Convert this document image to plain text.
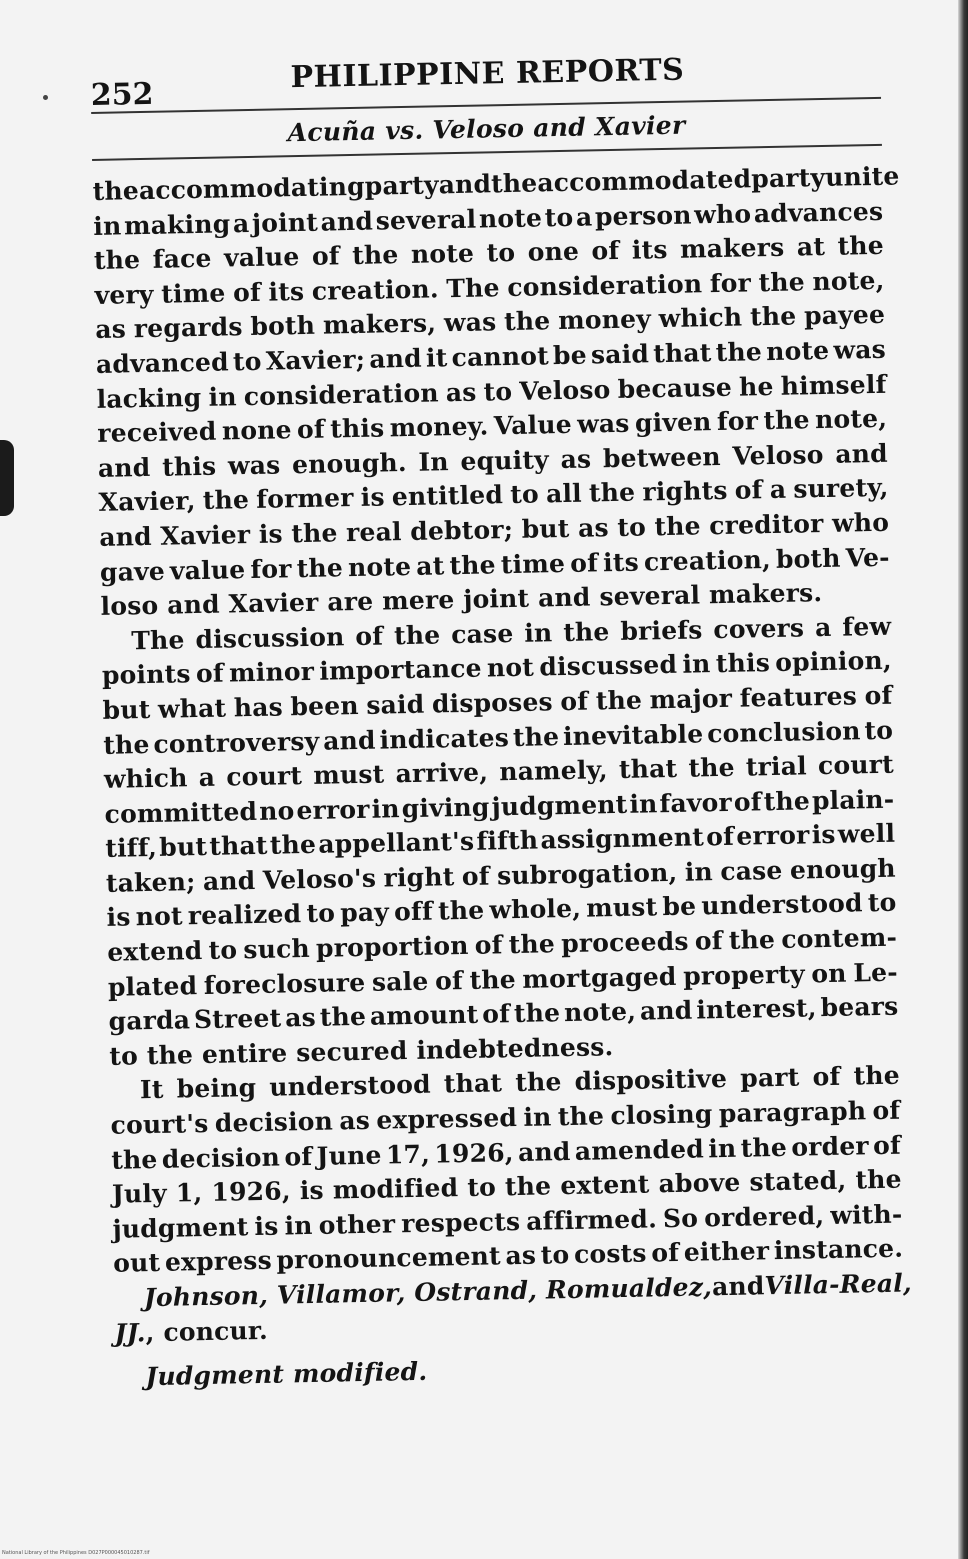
252	PHILIPPINE REPORTS
Acuña vs. Veloso and Xavier
the accommodating party and the accommodated party unite
in making a joint and several note to a person who advances
the face value of the note to one of its makers at the
very time of its creation. The consideration for the note,
as regards both makers, was the money which the payee
advanced to Xavier; and it cannot be said that the note was
lacking in consideration as to Veloso because he himself
received none of this money. Value was given for the note,
and this was enough. In equity as between Veloso and
Xavier, the former is entitled to all the rights of a surety,
and Xavier is the real debtor; but as to the creditor who
gave value for the note at the time of its creation, both Ve-
loso and Xavier are mere joint and several makers.
The discussion of the case in the briefs covers a few
points of minor importance not discussed in this opinion,
but what has been said disposes of the major features of
the controversy and indicates the inevitable conclusion to
which a court must arrive, namely, that the trial court
committed no error in giving judgment in favor of the plain-
tiff, but that the appellant's fifth assignment of error is well
taken; and Veloso's right of subrogation, in case enough
is not realized to pay off the whole, must be understood to
extend to such proportion of the proceeds of the contem-
plated foreclosure sale of the mortgaged property on Le-
garda Street as the amount of the note, and interest, bears
to the entire secured indebtedness.
It being understood that the dispositive part of the
court's decision as expressed in the closing paragraph of
the decision of June 17, 1926, and amended in the order of
July 1, 1926, is modified to the extent above stated, the
judgment is in other respects affirmed. So ordered, with-
out express pronouncement as to costs of either instance.
Johnson, Villamor, Ostrand, Romualdez, and Villa-Real,
JJ. , concur.
Judgment modified.
National Library of the Philippines D027P000045010287.tif
